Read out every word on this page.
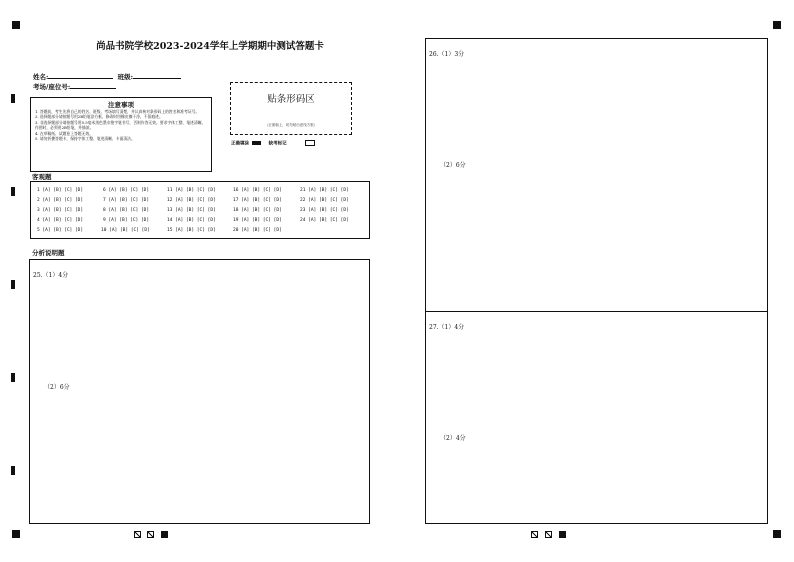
尚品书院学校2023-2024学年上学期期中测试答题卡
姓名:	班级:
考场/座位号:
注意事项
1. 答题前，考生先将自己的姓名、班级、考场填写清楚，并认真核对条形码上的姓名和准考证号。
2. 选择题部分请按题号用2B铅笔涂方框，修改时用橡皮擦干净，不留痕迹。
3. 非选择题部分请按题号用0.5毫米黑色墨水签字笔书写，否则作答无效。要求字体工整、笔迹清晰。作图时，必须用2B铅笔，并描浓。
4. 在草稿纸、试题卷上答题无效。
5. 请勿折叠答题卡，保持字体工整、笔迹清晰、卡面清洁。
贴条形码区
（正面朝上，切勿贴出虚线方框）
正确填涂	缺考标记
客观题
1 [A] [B] [C] [D]
2 [A] [B] [C] [D]
3 [A] [B] [C] [D]
4 [A] [B] [C] [D]
5 [A] [B] [C] [D]
6 [A] [B] [C] [D]
7 [A] [B] [C] [D]
8 [A] [B] [C] [D]
9 [A] [B] [C] [D]
10 [A] [B] [C] [D]
11 [A] [B] [C] [D]
12 [A] [B] [C] [D]
13 [A] [B] [C] [D]
14 [A] [B] [C] [D]
15 [A] [B] [C] [D]
16 [A] [B] [C] [D]
17 [A] [B] [C] [D]
18 [A] [B] [C] [D]
19 [A] [B] [C] [D]
20 [A] [B] [C] [D]
21 [A] [B] [C] [D]
22 [A] [B] [C] [D]
23 [A] [B] [C] [D]
24 [A] [B] [C] [D]
分析说明题
25.（1）4分
（2）6分
26.（1）3分
（2）6分
27.（1）4分
（2）4分
